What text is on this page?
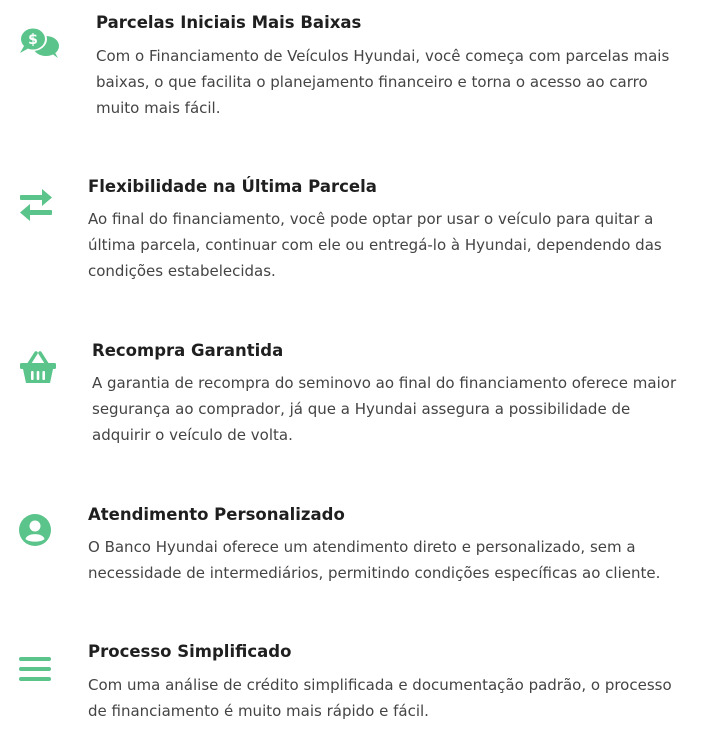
$
Parcelas Iniciais Mais Baixas

Com o Financiamento de Veículos Hyundai, você começa com parcelas mais
baixas, o que facilita o planejamento financeiro e torna o acesso ao carro
muito mais fácil.

Flexibilidade na Última Parcela

Ao final do financiamento, você pode optar por usar o veículo para quitar a
última parcela, continuar com ele ou entregá-lo à Hyundai, dependendo das
condições estabelecidas.

Recompra Garantida

A garantia de recompra do seminovo ao final do financiamento oferece maior
segurança ao comprador, já que a Hyundai assegura a possibilidade de
adquirir o veículo de volta.

Atendimento Personalizado

O Banco Hyundai oferece um atendimento direto e personalizado, sem a
necessidade de intermediários, permitindo condições específicas ao cliente.

Processo Simplificado

Com uma análise de crédito simplificada e documentação padrão, o processo
de financiamento é muito mais rápido e fácil.
